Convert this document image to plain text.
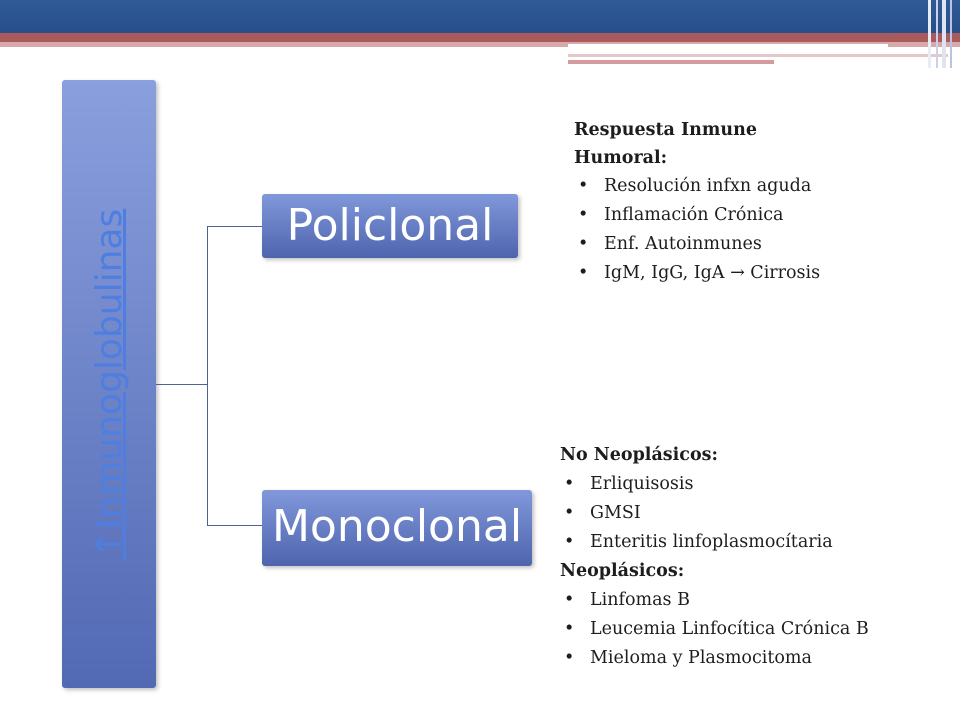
↑Inmunoglobulinas	Policlonal
Monoclonal
Respuesta Inmune
Humoral:
• Resolución infxn aguda
• Inflamación Crónica
• Enf. Autoinmunes
• IgM, IgG, IgA → Cirrosis
No Neoplásicos:
• Erliquisosis
• GMSI
• Enteritis linfoplasmocítaria
Neoplásicos:
• Linfomas B
• Leucemia Linfocítica Crónica B
• Mieloma y Plasmocitoma
